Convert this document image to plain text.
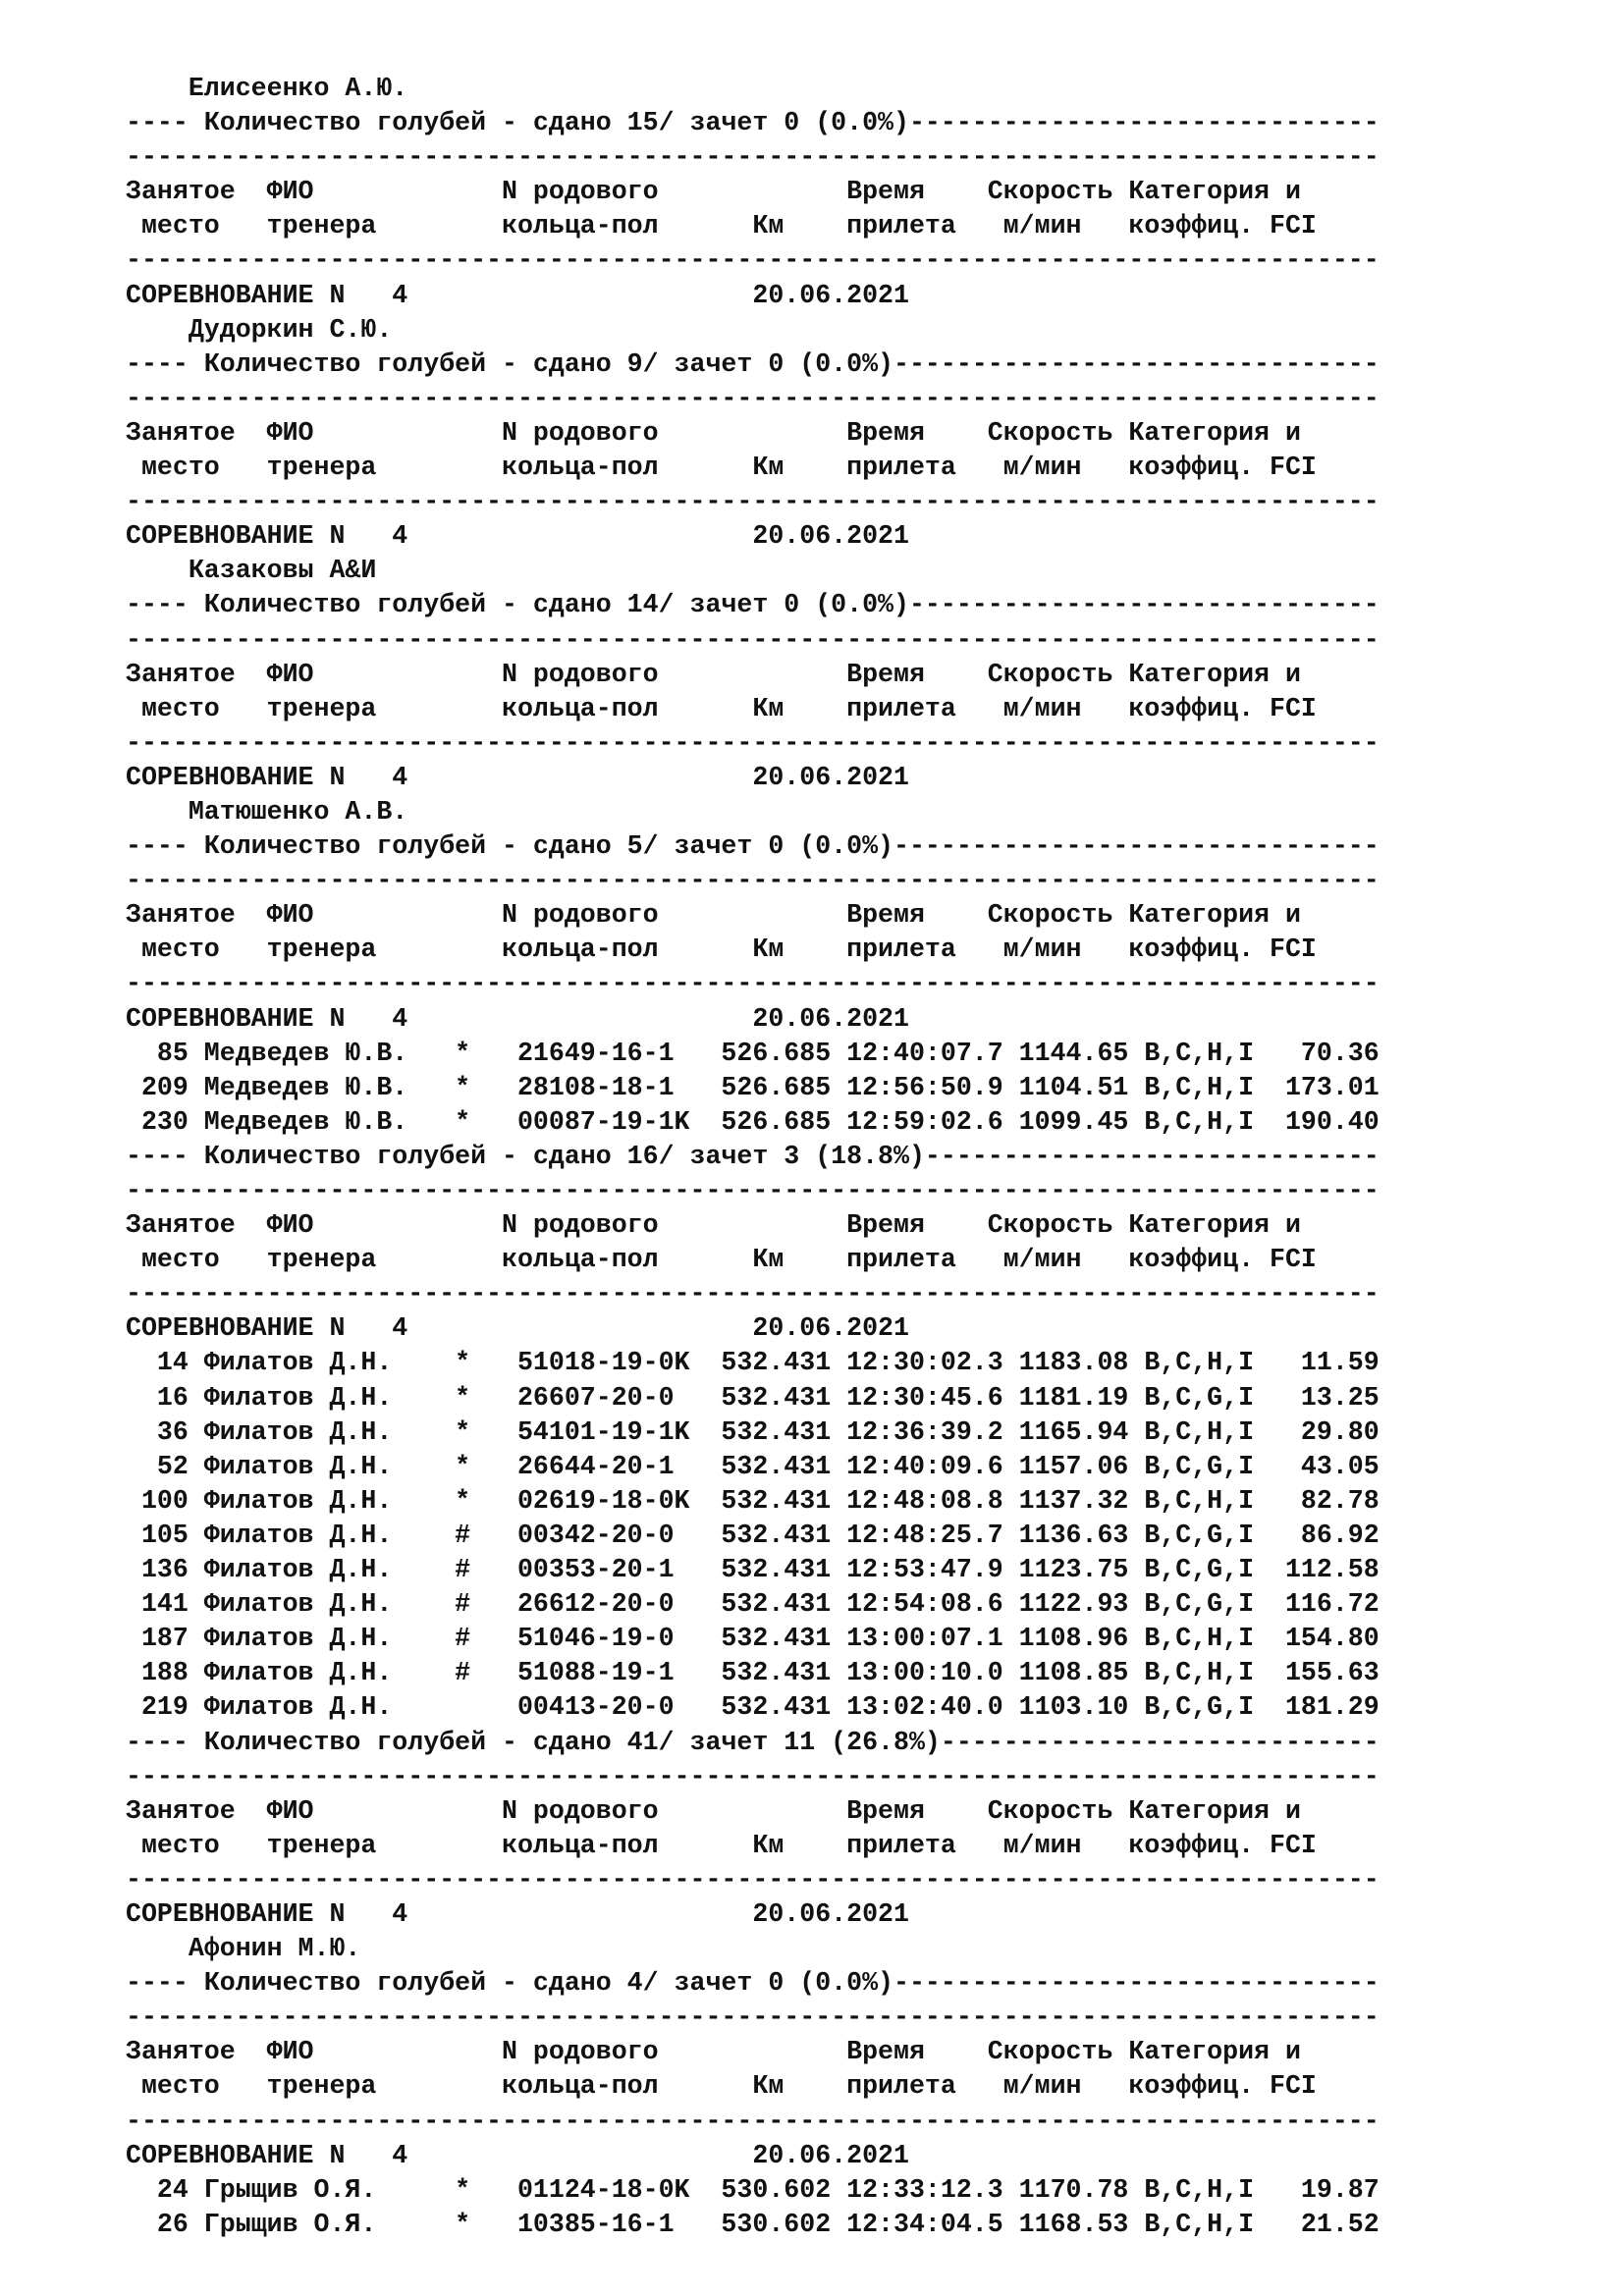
Елисеенко А.Ю.
---- Количество голубей - сдано 15/ зачет 0 (0.0%)------------------------------
--------------------------------------------------------------------------------
Занятое  ФИО            N родового            Время    Скорость Категория и
место   тренера        кольца-пол      Км    прилета   м/мин   коэффиц. FCI
--------------------------------------------------------------------------------
СОРЕВНОВАНИЕ N   4                      20.06.2021
Дудоркин С.Ю.
---- Количество голубей - сдано 9/ зачет 0 (0.0%)-------------------------------
--------------------------------------------------------------------------------
Занятое  ФИО            N родового            Время    Скорость Категория и
место   тренера        кольца-пол      Км    прилета   м/мин   коэффиц. FCI
--------------------------------------------------------------------------------
СОРЕВНОВАНИЕ N   4                      20.06.2021
Казаковы А&И
---- Количество голубей - сдано 14/ зачет 0 (0.0%)------------------------------
--------------------------------------------------------------------------------
Занятое  ФИО            N родового            Время    Скорость Категория и
место   тренера        кольца-пол      Км    прилета   м/мин   коэффиц. FCI
--------------------------------------------------------------------------------
СОРЕВНОВАНИЕ N   4                      20.06.2021
Матюшенко А.В.
---- Количество голубей - сдано 5/ зачет 0 (0.0%)-------------------------------
--------------------------------------------------------------------------------
Занятое  ФИО            N родового            Время    Скорость Категория и
место   тренера        кольца-пол      Км    прилета   м/мин   коэффиц. FCI
--------------------------------------------------------------------------------
СОРЕВНОВАНИЕ N   4                      20.06.2021
85 Медведев Ю.В.   *   21649-16-1   526.685 12:40:07.7 1144.65 B,C,H,I   70.36
209 Медведев Ю.В.   *   28108-18-1   526.685 12:56:50.9 1104.51 B,C,H,I  173.01
230 Медведев Ю.В.   *   00087-19-1K  526.685 12:59:02.6 1099.45 B,C,H,I  190.40
---- Количество голубей - сдано 16/ зачет 3 (18.8%)-----------------------------
--------------------------------------------------------------------------------
Занятое  ФИО            N родового            Время    Скорость Категория и
место   тренера        кольца-пол      Км    прилета   м/мин   коэффиц. FCI
--------------------------------------------------------------------------------
СОРЕВНОВАНИЕ N   4                      20.06.2021
14 Филатов Д.Н.    *   51018-19-0K  532.431 12:30:02.3 1183.08 B,C,H,I   11.59
16 Филатов Д.Н.    *   26607-20-0   532.431 12:30:45.6 1181.19 B,C,G,I   13.25
36 Филатов Д.Н.    *   54101-19-1K  532.431 12:36:39.2 1165.94 B,C,H,I   29.80
52 Филатов Д.Н.    *   26644-20-1   532.431 12:40:09.6 1157.06 B,C,G,I   43.05
100 Филатов Д.Н.    *   02619-18-0K  532.431 12:48:08.8 1137.32 B,C,H,I   82.78
105 Филатов Д.Н.    #   00342-20-0   532.431 12:48:25.7 1136.63 B,C,G,I   86.92
136 Филатов Д.Н.    #   00353-20-1   532.431 12:53:47.9 1123.75 B,C,G,I  112.58
141 Филатов Д.Н.    #   26612-20-0   532.431 12:54:08.6 1122.93 B,C,G,I  116.72
187 Филатов Д.Н.    #   51046-19-0   532.431 13:00:07.1 1108.96 B,C,H,I  154.80
188 Филатов Д.Н.    #   51088-19-1   532.431 13:00:10.0 1108.85 B,C,H,I  155.63
219 Филатов Д.Н.        00413-20-0   532.431 13:02:40.0 1103.10 B,C,G,I  181.29
---- Количество голубей - сдано 41/ зачет 11 (26.8%)----------------------------
--------------------------------------------------------------------------------
Занятое  ФИО            N родового            Время    Скорость Категория и
место   тренера        кольца-пол      Км    прилета   м/мин   коэффиц. FCI
--------------------------------------------------------------------------------
СОРЕВНОВАНИЕ N   4                      20.06.2021
Афонин М.Ю.
---- Количество голубей - сдано 4/ зачет 0 (0.0%)-------------------------------
--------------------------------------------------------------------------------
Занятое  ФИО            N родового            Время    Скорость Категория и
место   тренера        кольца-пол      Км    прилета   м/мин   коэффиц. FCI
--------------------------------------------------------------------------------
СОРЕВНОВАНИЕ N   4                      20.06.2021
24 Грыщив О.Я.     *   01124-18-0K  530.602 12:33:12.3 1170.78 B,C,H,I   19.87
26 Грыщив О.Я.     *   10385-16-1   530.602 12:34:04.5 1168.53 B,C,H,I   21.52
